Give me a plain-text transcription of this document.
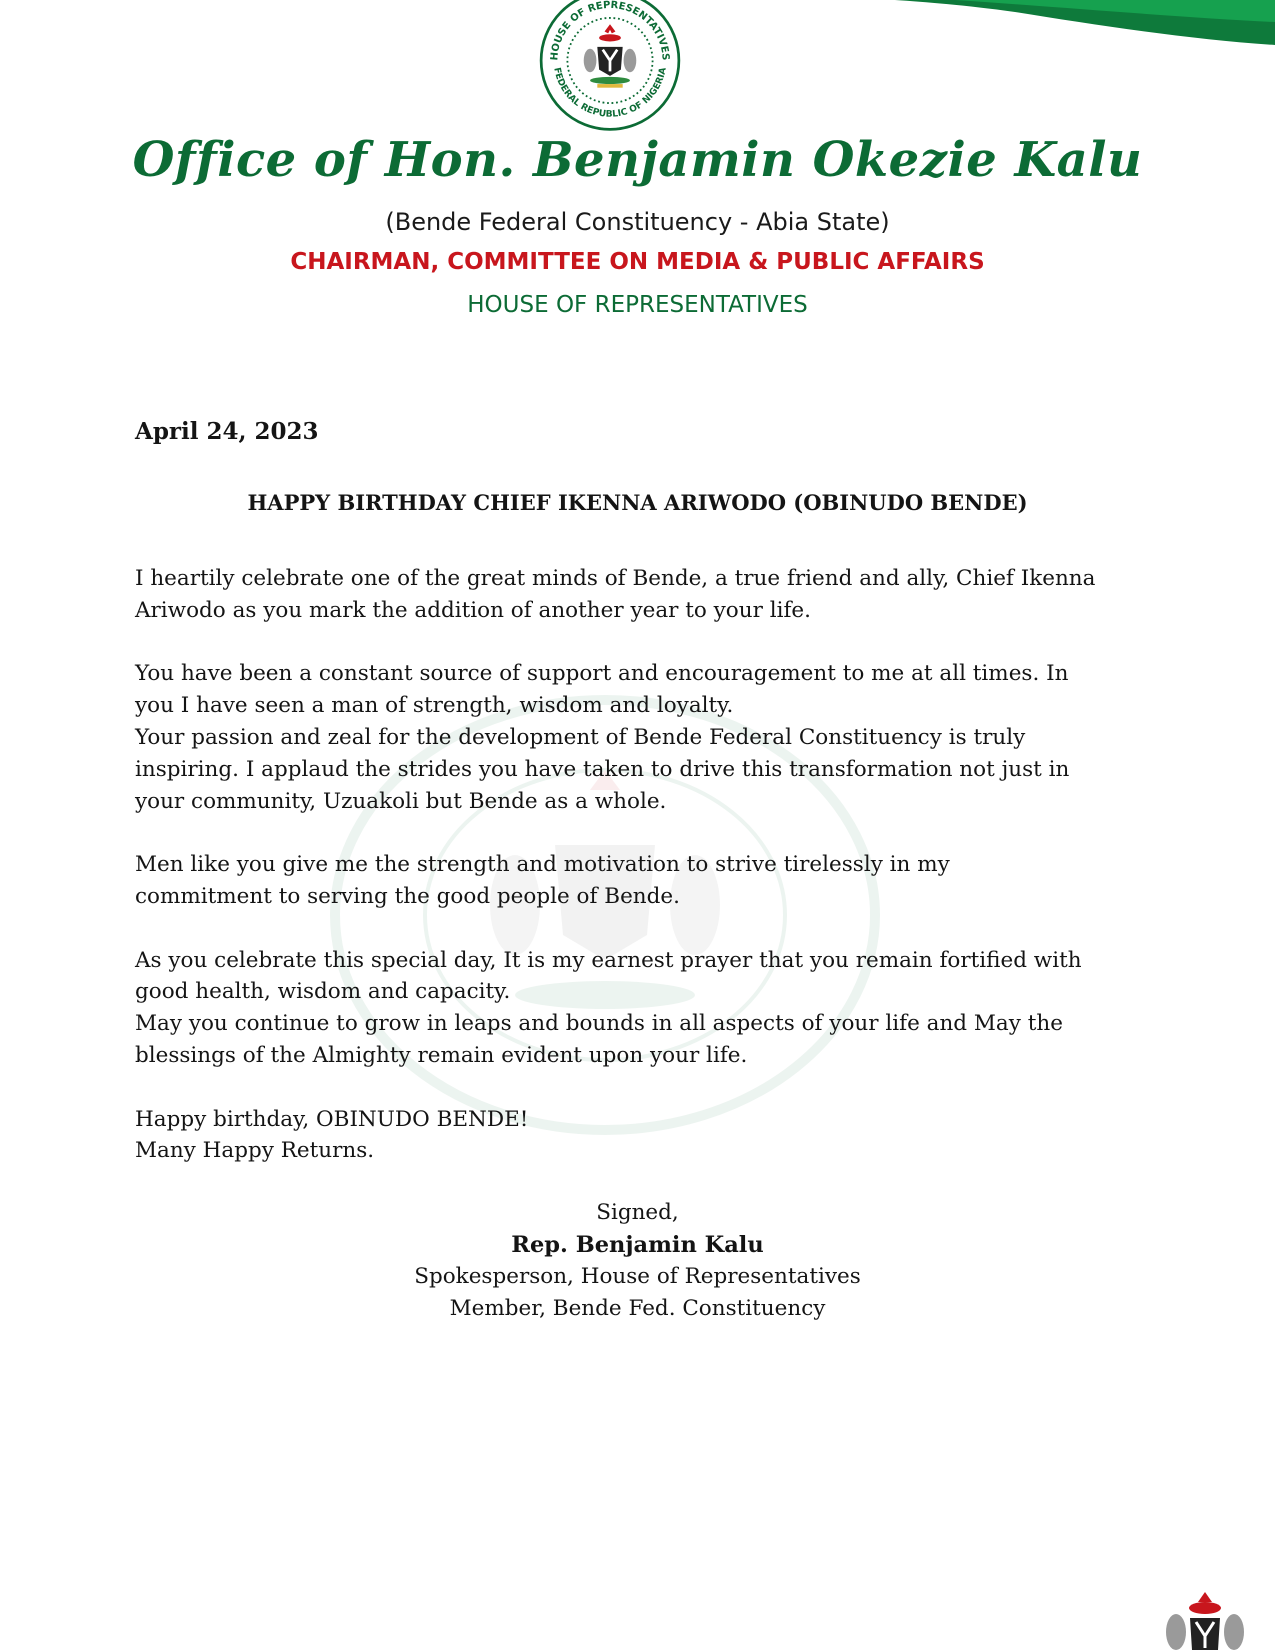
HOUSE OF REPRESENTATIVES
FEDERAL REPUBLIC OF NIGERIA
Office of Hon. Benjamin Okezie Kalu
(Bende Federal Constituency - Abia State)
CHAIRMAN, COMMITTEE ON MEDIA & PUBLIC AFFAIRS
HOUSE OF REPRESENTATIVES
April 24, 2023
HAPPY BIRTHDAY CHIEF IKENNA ARIWODO (OBINUDO BENDE)

I heartily celebrate one of the great minds of Bende, a true friend and ally, Chief Ikenna
Ariwodo as you mark the addition of another year to your life.

You have been a constant source of support and encouragement to me at all times. In
you I have seen a man of strength, wisdom and loyalty.
Your passion and zeal for the development of Bende Federal Constituency is truly
inspiring. I applaud the strides you have taken to drive this transformation not just in
your community, Uzuakoli but Bende as a whole.

Men like you give me the strength and motivation to strive tirelessly in my
commitment to serving the good people of Bende.

As you celebrate this special day, It is my earnest prayer that you remain fortified with
good health, wisdom and capacity.
May you continue to grow in leaps and bounds in all aspects of your life and May the
blessings of the Almighty remain evident upon your life.

Happy birthday, OBINUDO BENDE!
Many Happy Returns.

Signed,
Rep. Benjamin Kalu
Spokesperson, House of Representatives
Member, Bende Fed. Constituency
